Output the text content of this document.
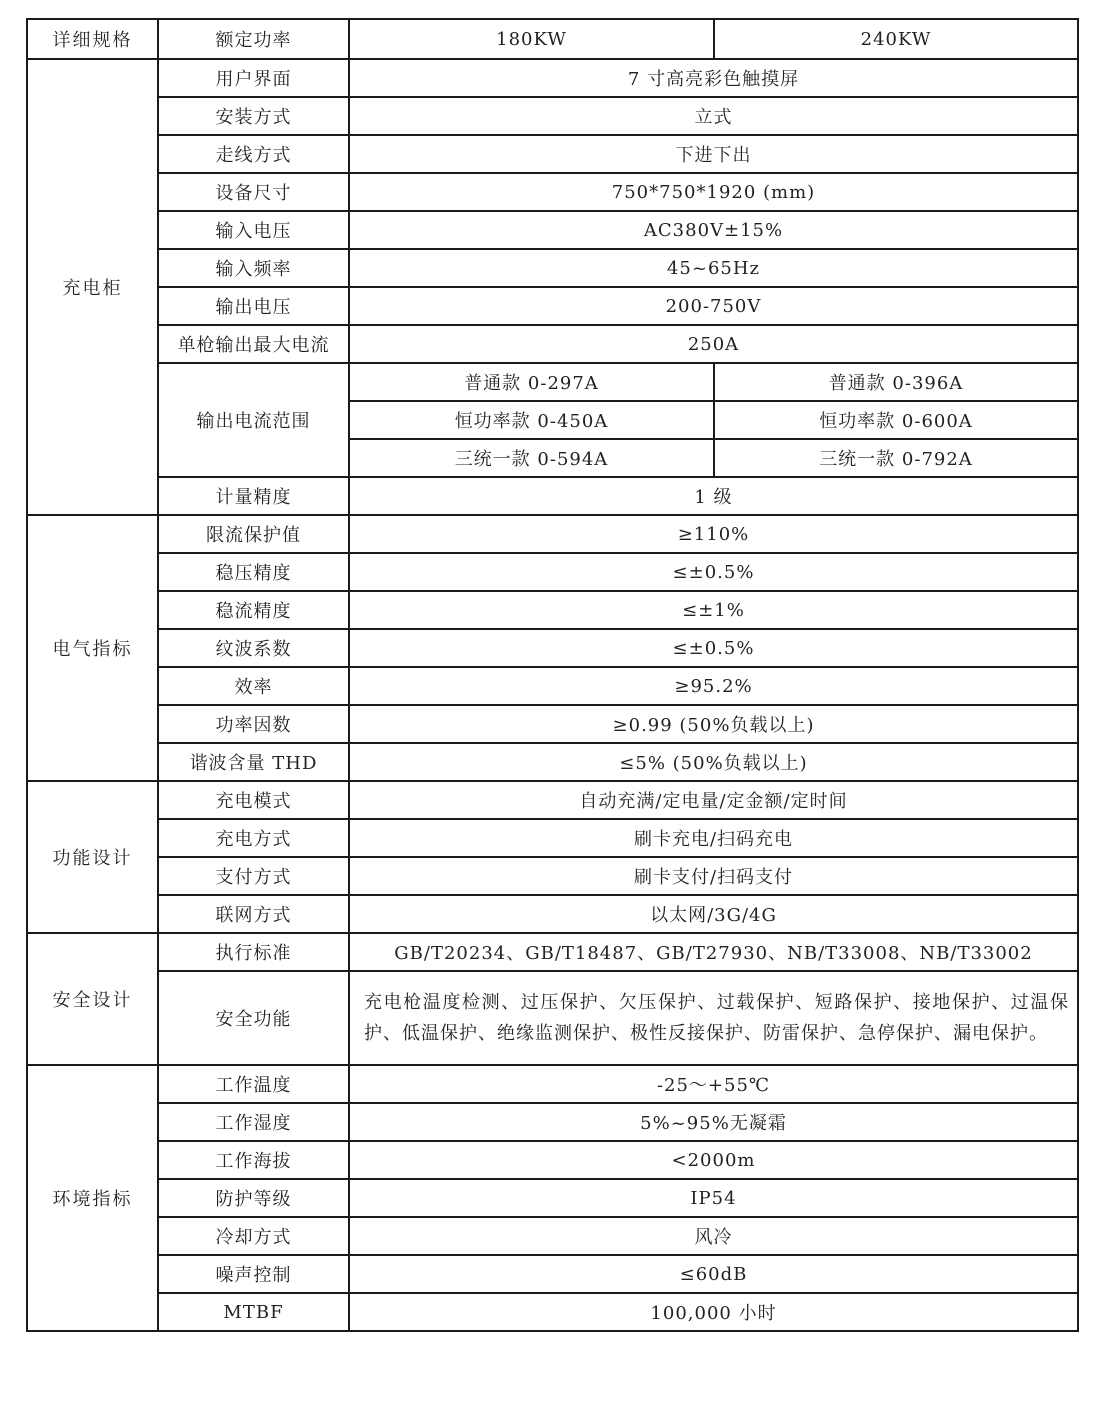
详细规格	额定功率	180KW	240KW
充电柜	用户界面	7 寸高亮彩色触摸屏	
	安装方式	立式	
	走线方式	下进下出	
	设备尺寸	750*750*1920 (mm)	
	输入电压	AC380V±15%	
	输入频率	45~65Hz	
	输出电压	200-750V	
	单枪输出最大电流	250A	
	输出电流范围	普通款 0-297A	普通款 0-396A
		恒功率款 0-450A	恒功率款 0-600A
		三统一款 0-594A	三统一款 0-792A
	计量精度	1 级	
电气指标	限流保护值	≥110%	
	稳压精度	≤±0.5%	
	稳流精度	≤±1%	
	纹波系数	≤±0.5%	
	效率	≥95.2%	
	功率因数	≥0.99 (50%负载以上)	
	谐波含量 THD	≤5% (50%负载以上)	
功能设计	充电模式	自动充满/定电量/定金额/定时间	
	充电方式	刷卡充电/扫码充电	
	支付方式	刷卡支付/扫码支付	
	联网方式	以太网/3G/4G	
安全设计	执行标准	GB/T20234、GB/T18487、GB/T27930、NB/T33008、NB/T33002	
	安全功能	充电枪温度检测、过压保护、欠压保护、过载保护、短路保护、接地保护、过温保护、低温保护、绝缘监测保护、极性反接保护、防雷保护、急停保护、漏电保护。	
环境指标	工作温度	-25～+55℃	
	工作湿度	5%~95%无凝霜	
	工作海拔	<2000m	
	防护等级	IP54	
	冷却方式	风冷	
	噪声控制	≤60dB	
	MTBF	100,000 小时	
